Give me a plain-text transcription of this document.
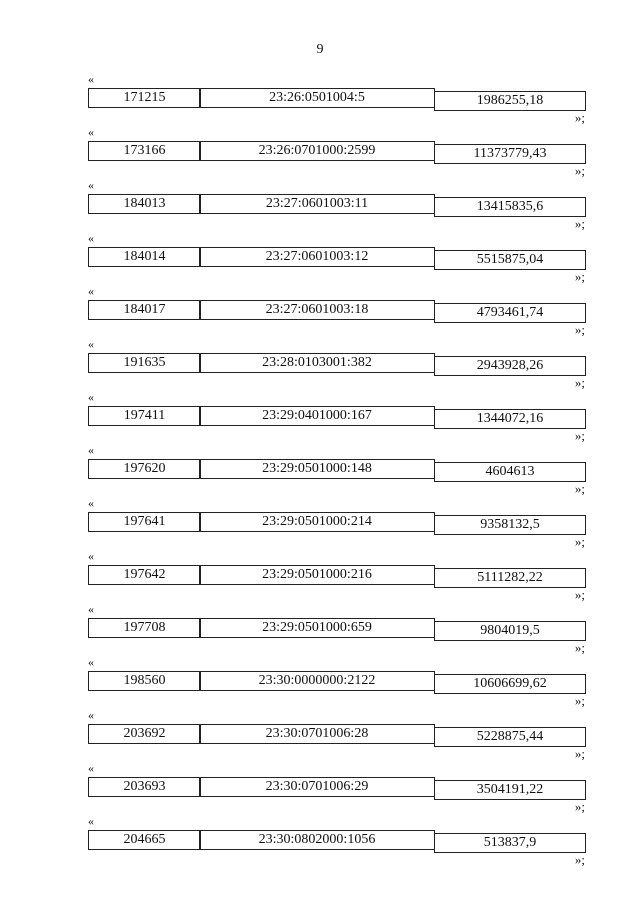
9
«
171215	23:26:0501004:5	1986255,18
»;
«
173166	23:26:0701000:2599	11373779,43
»;
«
184013	23:27:0601003:11	13415835,6
»;
«
184014	23:27:0601003:12	5515875,04
»;
«
184017	23:27:0601003:18	4793461,74
»;
«
191635	23:28:0103001:382	2943928,26
»;
«
197411	23:29:0401000:167	1344072,16
»;
«
197620	23:29:0501000:148	4604613
»;
«
197641	23:29:0501000:214	9358132,5
»;
«
197642	23:29:0501000:216	5111282,22
»;
«
197708	23:29:0501000:659	9804019,5
»;
«
198560	23:30:0000000:2122	10606699,62
»;
«
203692	23:30:0701006:28	5228875,44
»;
«
203693	23:30:0701006:29	3504191,22
»;
«
204665	23:30:0802000:1056	513837,9
»;
